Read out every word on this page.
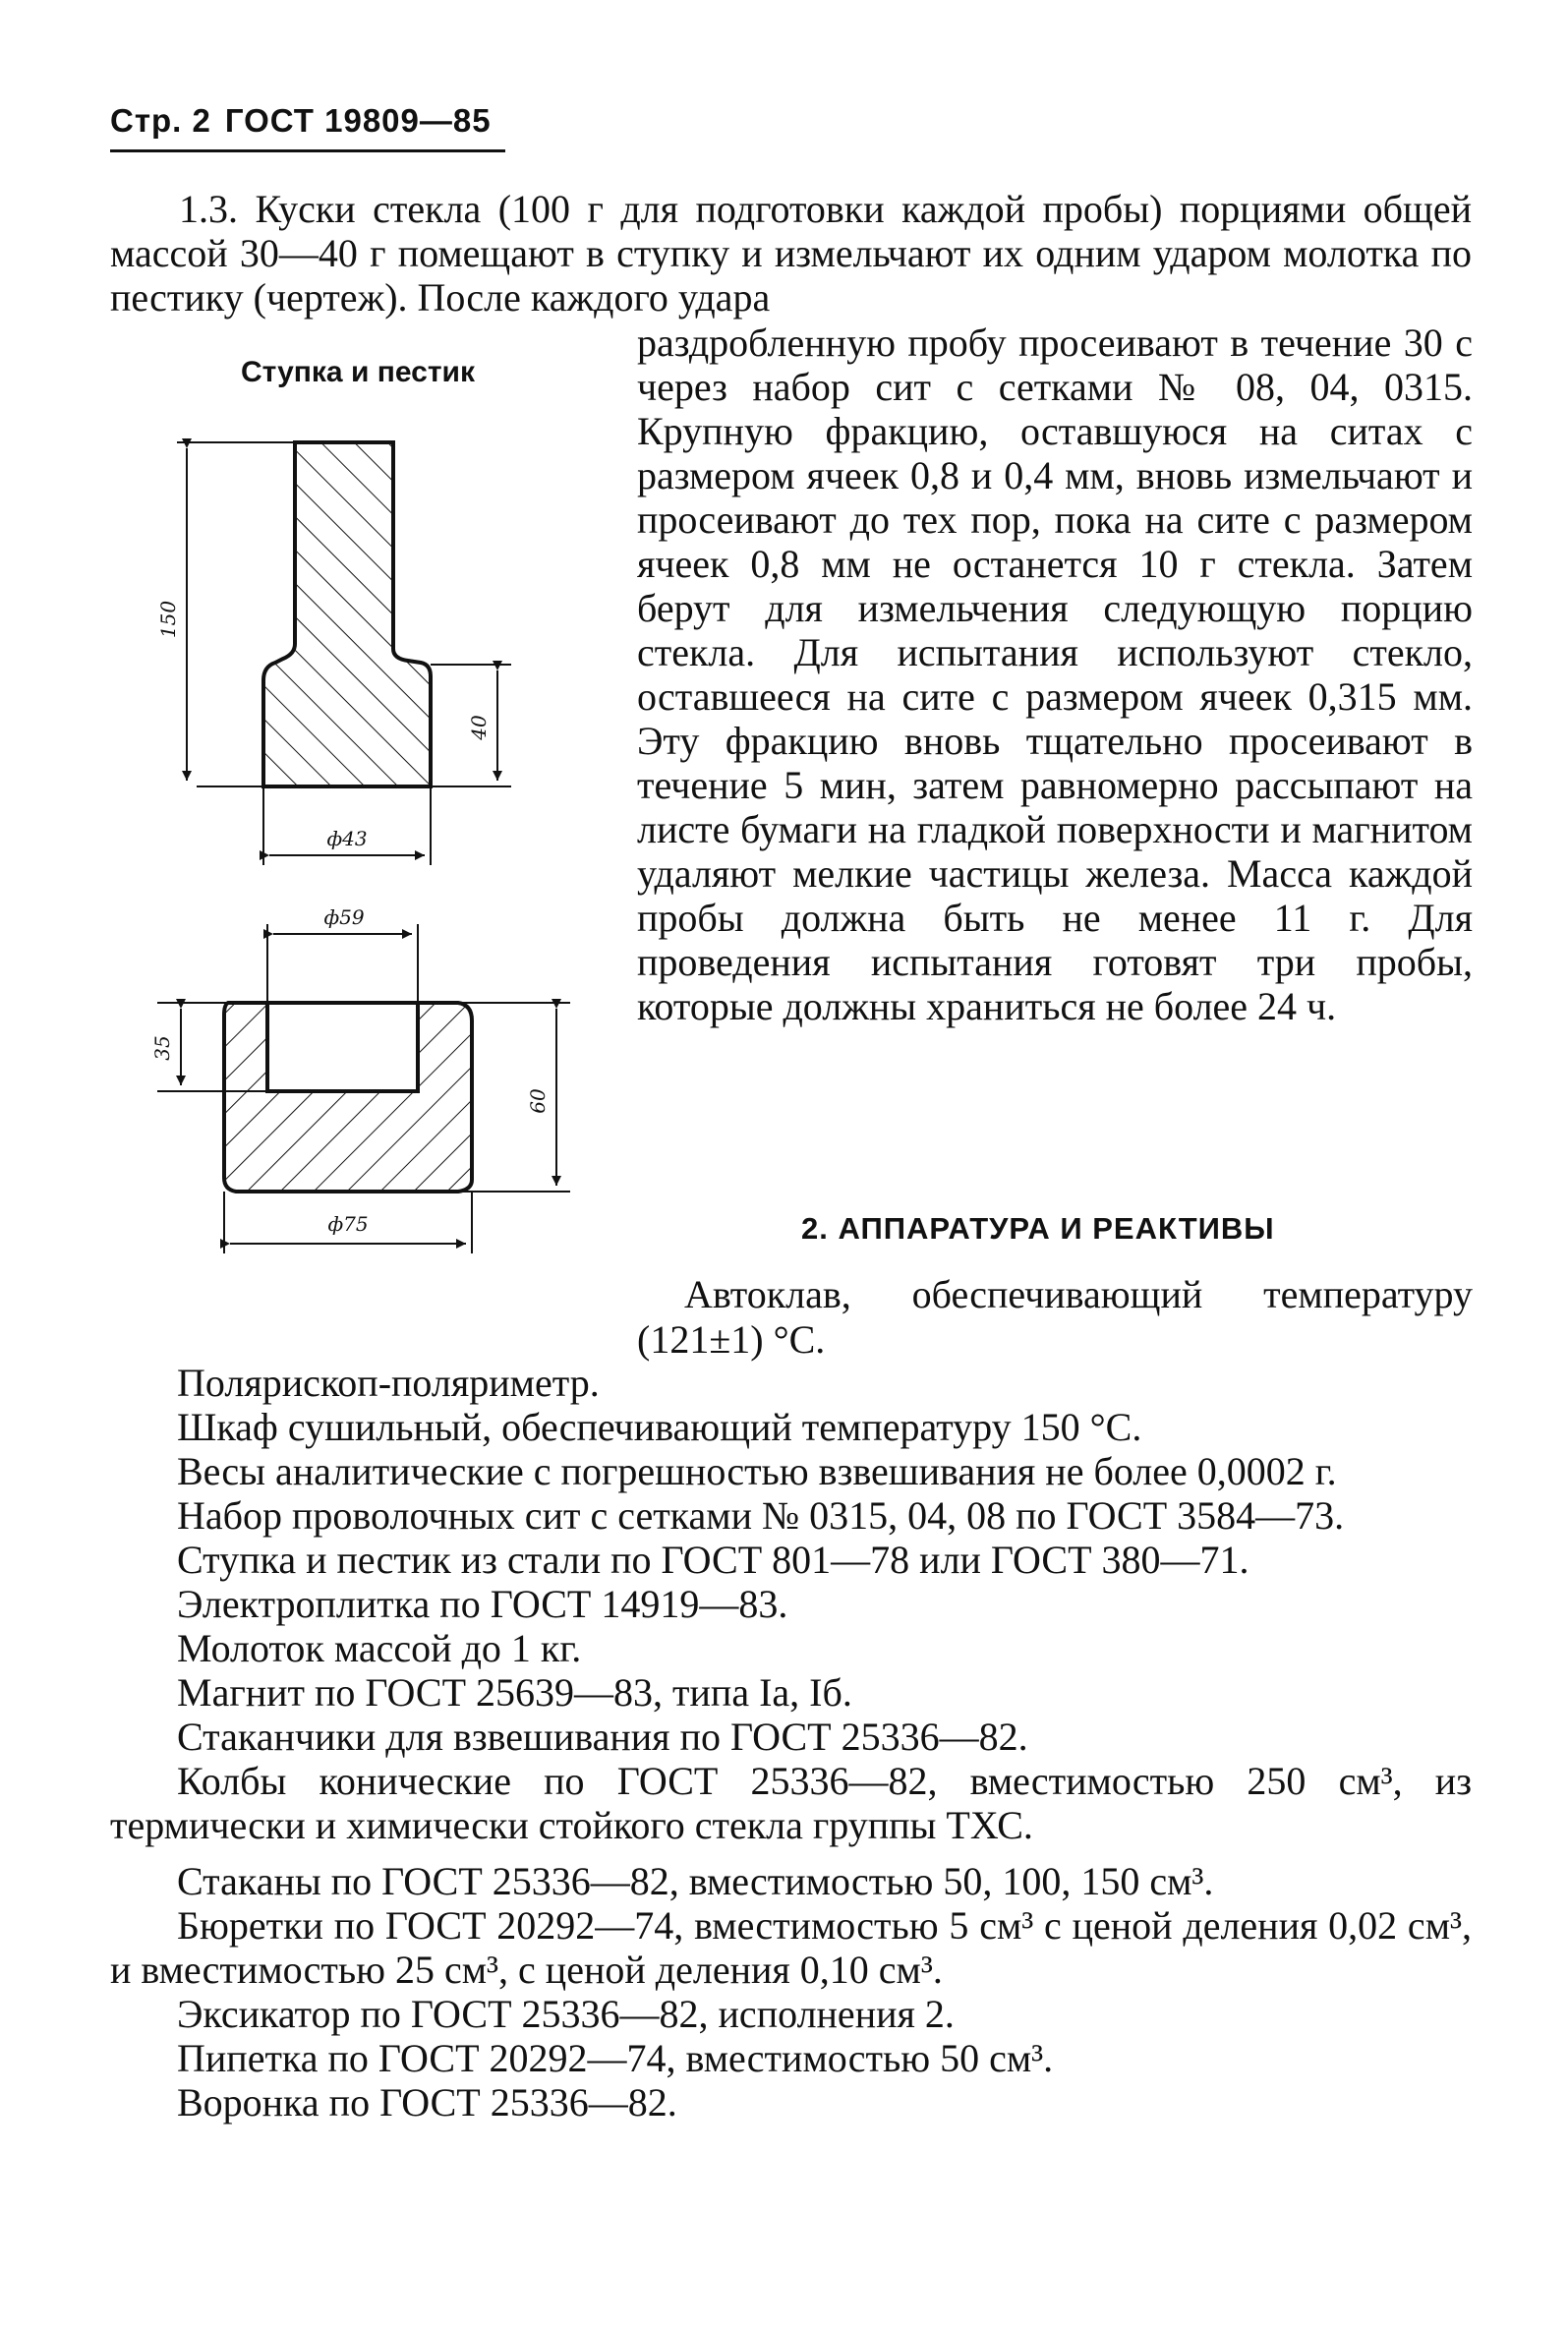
Стр. 2 ГОСТ 19809—85

1.3. Куски стекла (100 г для подготовки каждой пробы) порциями общей массой 30—40 г помещают в ступку и измельчают их одним ударом молотка по пестику (чертеж). После каждого удара

Ступка и пестик
150
40
ф43
ф59
35
60
ф75

раздробленную пробу просеивают в течение 30 с через набор сит с сетками № 08, 04, 0315. Крупную фракцию, оставшуюся на ситах с размером ячеек 0,8 и 0,4 мм, вновь измельчают и просеивают до тех пор, пока на сите с размером ячеек 0,8 мм не останется 10 г стекла. Затем берут для измельчения следующую порцию стекла. Для испытания используют стекло, оставшееся на сите с размером ячеек 0,315 мм. Эту фракцию вновь тщательно просеивают в течение 5 мин, затем равномерно рассыпают на листе бумаги на гладкой поверхности и магнитом удаляют мелкие частицы железа. Масса каждой пробы должна быть не менее 11 г. Для проведения испытания готовят три пробы, которые должны храниться не более 24 ч.

2. АППАРАТУРА И РЕАКТИВЫ

Автоклав, обеспечивающий температуру (121±1) °С.

Полярископ-поляриметр.

Шкаф сушильный, обеспечивающий температуру 150 °С.

Весы аналитические с погрешностью взвешивания не более 0,0002 г.

Набор проволочных сит с сетками № 0315, 04, 08 по ГОСТ 3584—73.

Ступка и пестик из стали по ГОСТ 801—78 или ГОСТ 380—71.

Электроплитка по ГОСТ 14919—83.

Молоток массой до 1 кг.

Магнит по ГОСТ 25639—83, типа Iа, Iб.

Стаканчики для взвешивания по ГОСТ 25336—82.

Колбы конические по ГОСТ 25336—82, вместимостью 250 см³, из термически и химически стойкого стекла группы ТХС.

Стаканы по ГОСТ 25336—82, вместимостью 50, 100, 150 см³.

Бюретки по ГОСТ 20292—74, вместимостью 5 см³ с ценой деления 0,02 см³, и вместимостью 25 см³, с ценой деления 0,10 см³.

Эксикатор по ГОСТ 25336—82, исполнения 2.

Пипетка по ГОСТ 20292—74, вместимостью 50 см³.

Воронка по ГОСТ 25336—82.
